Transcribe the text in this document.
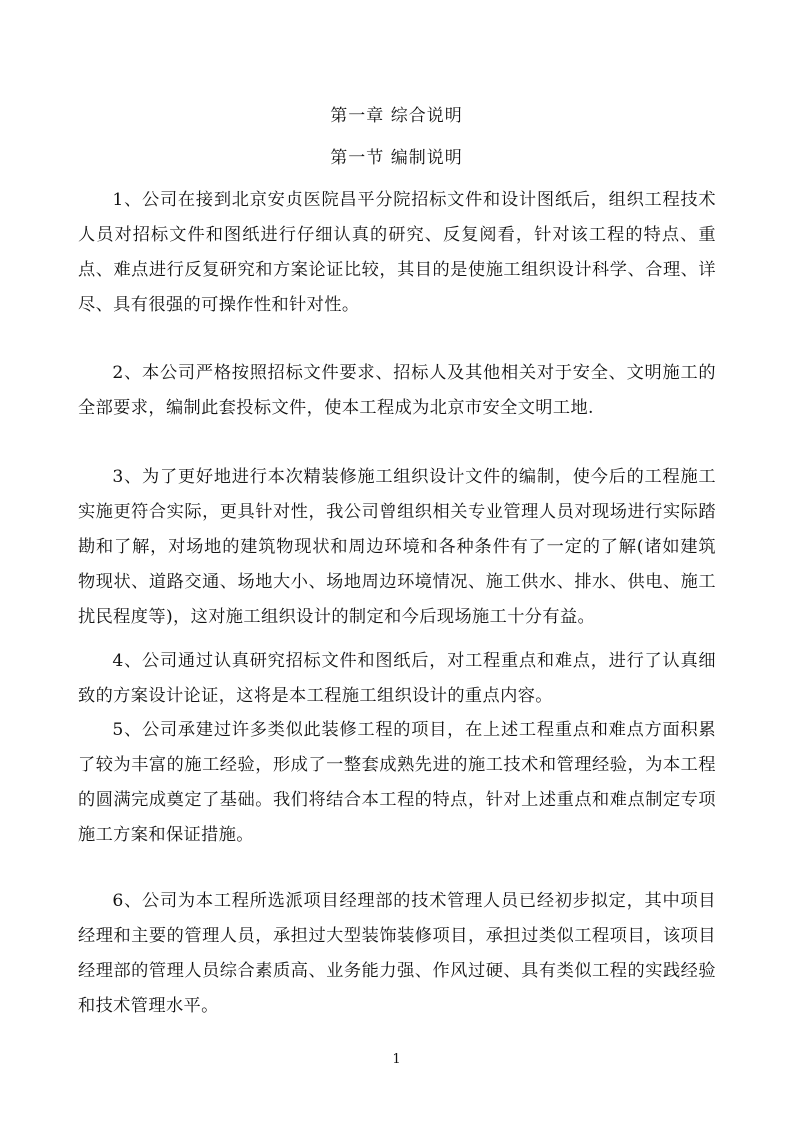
第一章 综合说明
第一节 编制说明

1、公司在接到北京安贞医院昌平分院招标文件和设计图纸后，组织工程技术人员对招标文件和图纸进行仔细认真的研究、反复阅看，针对该工程的特点、重点、难点进行反复研究和方案论证比较，其目的是使施工组织设计科学、合理、详尽、具有很强的可操作性和针对性。

2、本公司严格按照招标文件要求、招标人及其他相关对于安全、文明施工的全部要求，编制此套投标文件，使本工程成为北京市安全文明工地.

3、为了更好地进行本次精装修施工组织设计文件的编制，使今后的工程施工实施更符合实际，更具针对性，我公司曾组织相关专业管理人员对现场进行实际踏勘和了解，对场地的建筑物现状和周边环境和各种条件有了一定的了解(诸如建筑物现状、道路交通、场地大小、场地周边环境情况、施工供水、排水、供电、施工扰民程度等)，这对施工组织设计的制定和今后现场施工十分有益。

4、公司通过认真研究招标文件和图纸后，对工程重点和难点，进行了认真细致的方案设计论证，这将是本工程施工组织设计的重点内容。

5、公司承建过许多类似此装修工程的项目，在上述工程重点和难点方面积累了较为丰富的施工经验，形成了一整套成熟先进的施工技术和管理经验，为本工程的圆满完成奠定了基础。我们将结合本工程的特点，针对上述重点和难点制定专项施工方案和保证措施。

6、公司为本工程所选派项目经理部的技术管理人员已经初步拟定，其中项目经理和主要的管理人员，承担过大型装饰装修项目，承担过类似工程项目，该项目经理部的管理人员综合素质高、业务能力强、作风过硬、具有类似工程的实践经验和技术管理水平。

1
